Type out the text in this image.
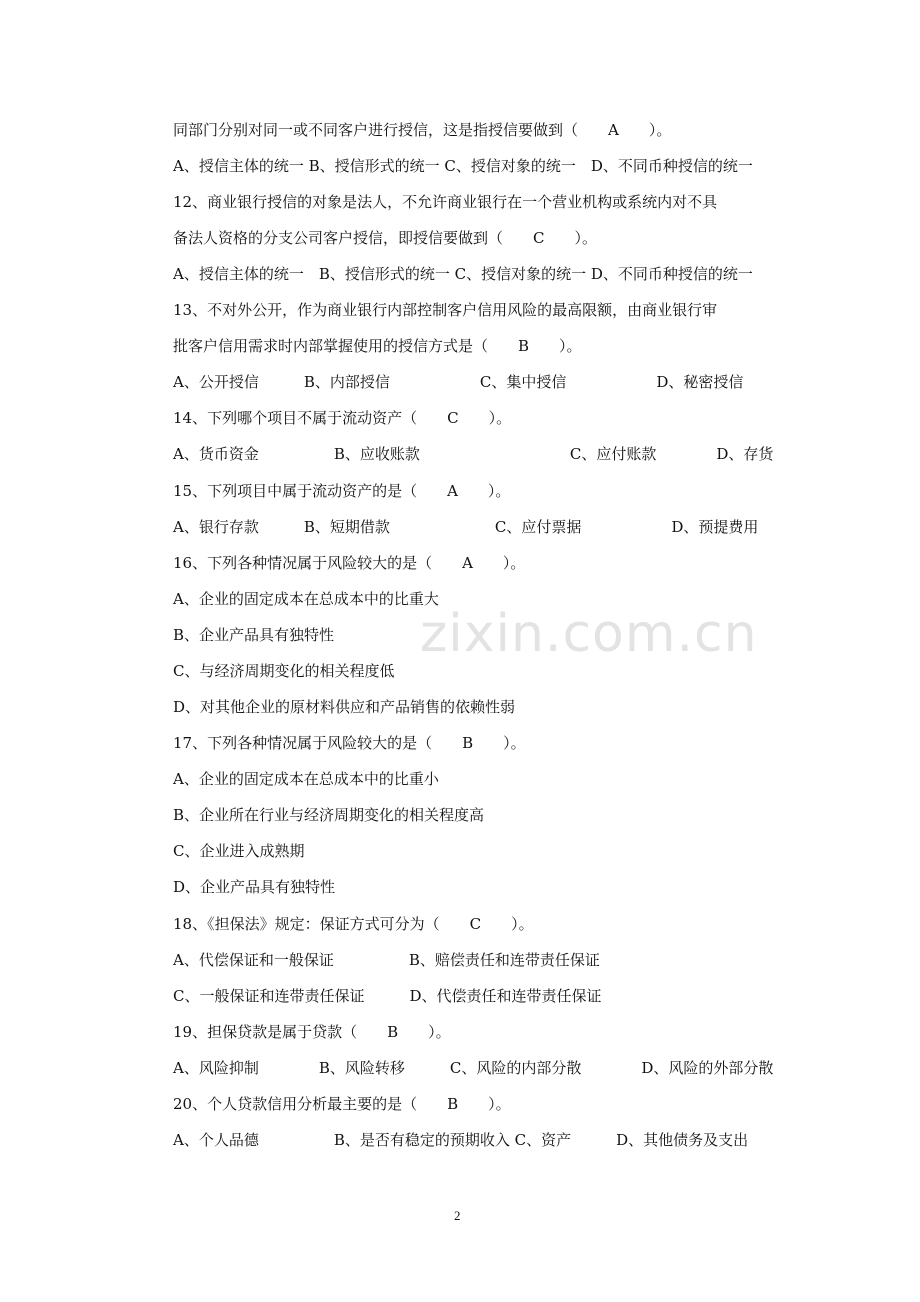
zixin.com.cn
同部门分别对同一或不同客户进行授信，这是指授信要做到（　　A　　）。
A、授信主体的统一 B、授信形式的统一 C、授信对象的统一　D、不同币种授信的统一
12、商业银行授信的对象是法人，不允许商业银行在一个营业机构或系统内对不具
备法人资格的分支公司客户授信，即授信要做到（　　C　　）。
A、授信主体的统一　B、授信形式的统一 C、授信对象的统一 D、不同币种授信的统一
13、不对外公开，作为商业银行内部控制客户信用风险的最高限额，由商业银行审
批客户信用需求时内部掌握使用的授信方式是（　　B　　）。
A、公开授信　　　B、内部授信　　　　　　C、集中授信　　　　　　D、秘密授信
14、下列哪个项目不属于流动资产（　　C　　）。
A、货币资金　　　　　B、应收账款　　　　　　　　　　C、应付账款　　　　D、存货
15、下列项目中属于流动资产的是（　　A　　）。
A、银行存款　　　B、短期借款　　　　　　　C、应付票据　　　　　　D、预提费用
16、下列各种情况属于风险较大的是（　　A　　）。
A、企业的固定成本在总成本中的比重大
B、企业产品具有独特性
C、与经济周期变化的相关程度低
D、对其他企业的原材料供应和产品销售的依赖性弱
17、下列各种情况属于风险较大的是（　　B　　）。
A、企业的固定成本在总成本中的比重小
B、企业所在行业与经济周期变化的相关程度高
C、企业进入成熟期
D、企业产品具有独特性
18、《担保法》规定：保证方式可分为（　　C　　）。
A、代偿保证和一般保证　　　　　B、赔偿责任和连带责任保证
C、一般保证和连带责任保证　　　D、代偿责任和连带责任保证
19、担保贷款是属于贷款（　　B　　）。
A、风险抑制　　　　B、风险转移　　　C、风险的内部分散　　　　D、风险的外部分散
20、个人贷款信用分析最主要的是（　　B　　）。
A、个人品德　　　　　B、是否有稳定的预期收入 C、资产　　　D、其他债务及支出
2
